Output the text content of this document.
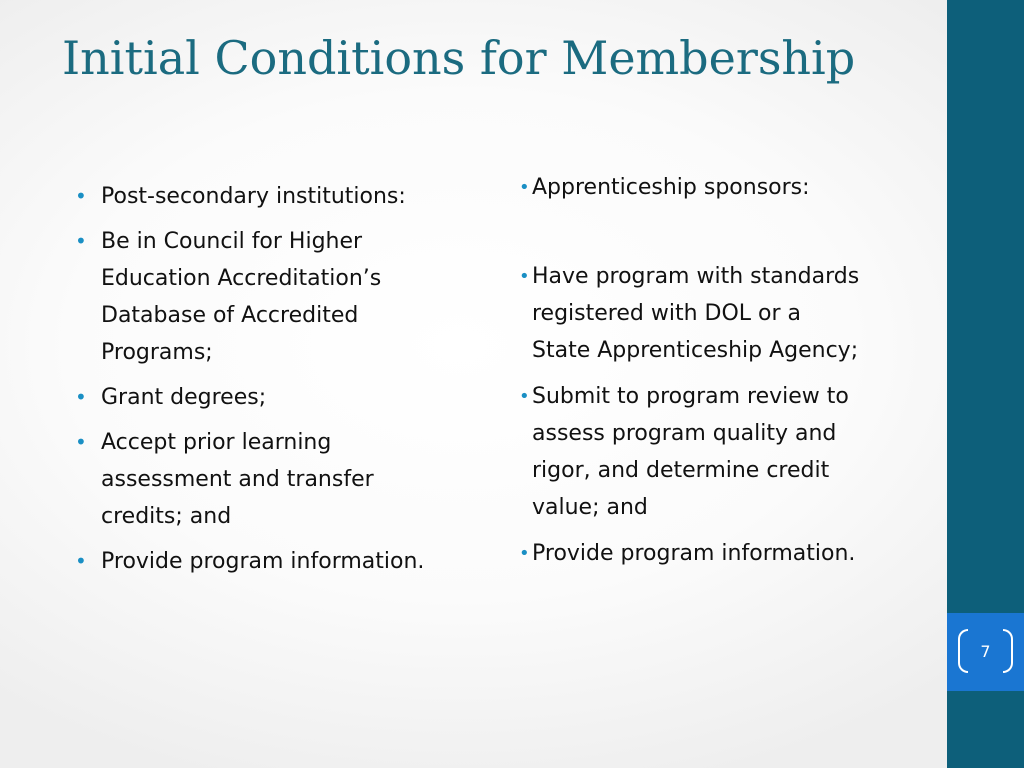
Initial Conditions for Membership
• Post-secondary institutions:
• Be in Council for Higher Education Accreditation’s Database of Accredited Programs;
• Grant degrees;
• Accept prior learning assessment and transfer credits; and
• Provide program information.
• Apprenticeship sponsors:
• Have program with standards registered with DOL or a State Apprenticeship Agency;
• Submit to program review to assess program quality and rigor, and determine credit value; and
• Provide program information.
7
